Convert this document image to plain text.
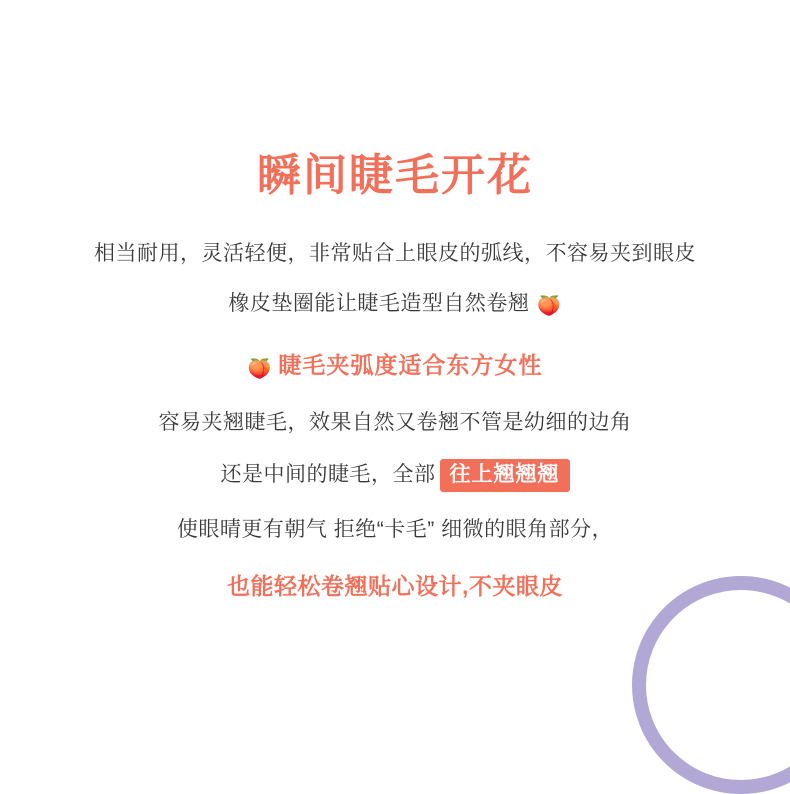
瞬间睫毛开花
相当耐用，灵活轻便，非常贴合上眼皮的弧线，不容易夹到眼皮
橡皮垫圈能让睫毛造型自然卷翘 🍑
🍑 睫毛夹弧度适合东方女性
容易夹翘睫毛，效果自然又卷翘不管是幼细的边角
还是中间的睫毛，全部 往上翘翘翘
使眼晴更有朝气 拒绝“卡毛” 细微的眼角部分，
也能轻松卷翘贴心设计,不夹眼皮
